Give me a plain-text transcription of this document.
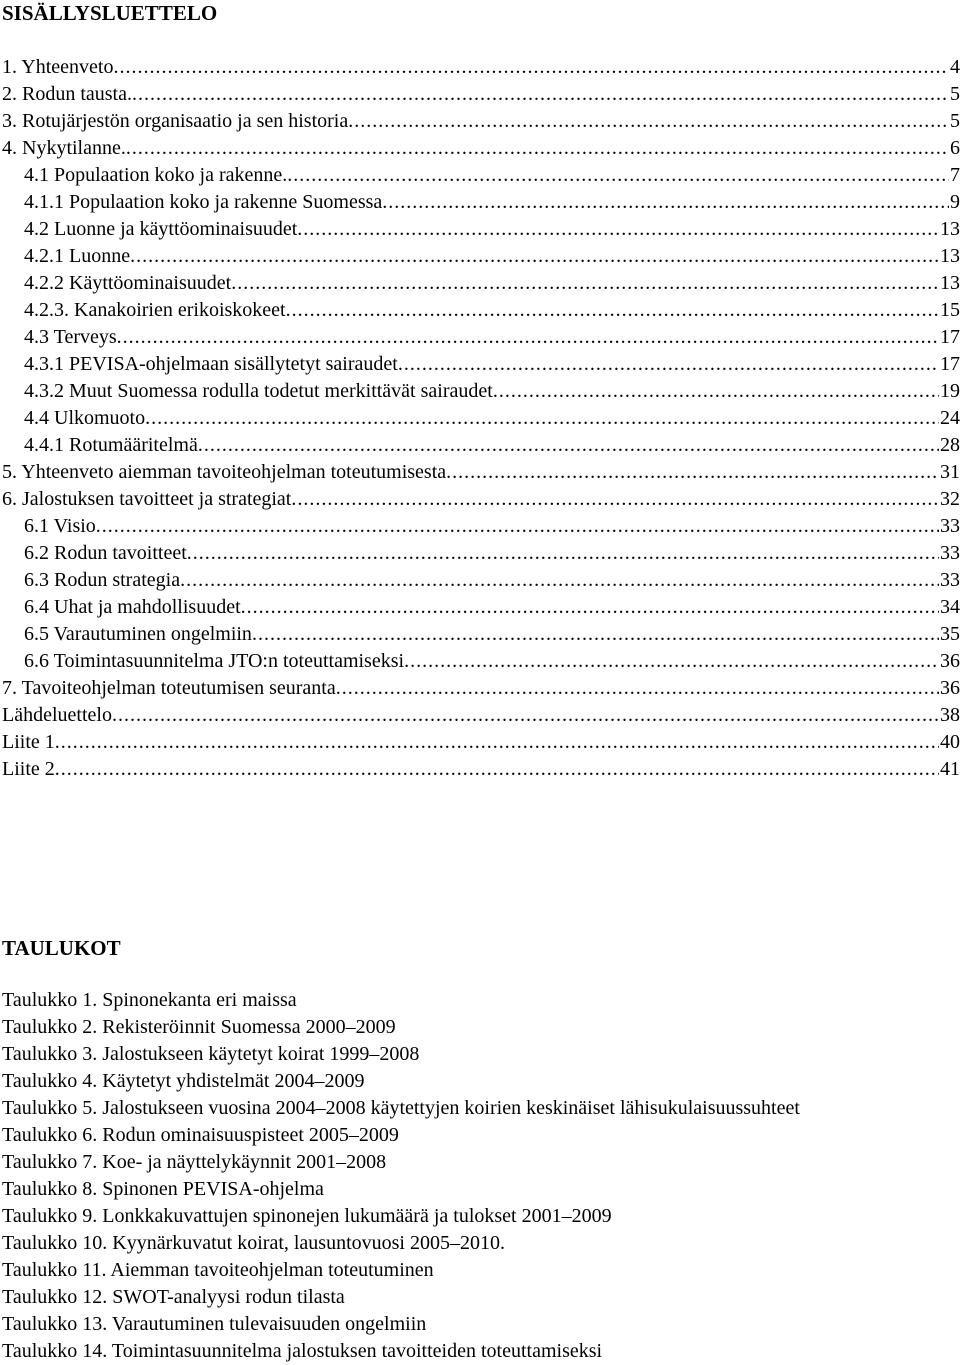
SISÄLLYSLUETTELO
1. Yhteenveto .....	4
2. Rodun tausta. .....	5
3. Rotujärjestön organisaatio ja sen historia .....	5
4. Nykytilanne. .....	6
4.1 Populaation koko ja rakenne. .....	7
4.1.1 Populaation koko ja rakenne Suomessa .....	9
4.2 Luonne ja käyttöominaisuudet .....	13
4.2.1 Luonne .....	13
4.2.2 Käyttöominaisuudet .....	13
4.2.3. Kanakoirien erikoiskokeet .....	15
4.3 Terveys .....	17
4.3.1 PEVISA-ohjelmaan sisällytetyt sairaudet .....	17
4.3.2 Muut Suomessa rodulla todetut merkittävät sairaudet .....	19
4.4 Ulkomuoto .....	24
4.4.1 Rotumääritelmä .....	28
5. Yhteenveto aiemman tavoiteohjelman toteutumisesta .....	31
6. Jalostuksen tavoitteet ja strategiat .....	32
6.1 Visio .....	33
6.2 Rodun tavoitteet .....	33
6.3 Rodun strategia .....	33
6.4 Uhat ja mahdollisuudet .....	34
6.5 Varautuminen ongelmiin .....	35
6.6 Toimintasuunnitelma JTO:n toteuttamiseksi .....	36
7. Tavoiteohjelman toteutumisen seuranta .....	36
Lähdeluettelo .....	38
Liite 1 .....	40
Liite 2 .....	41
TAULUKOT
Taulukko 1. Spinonekanta eri maissa
Taulukko 2. Rekisteröinnit Suomessa 2000–2009
Taulukko 3. Jalostukseen käytetyt koirat 1999–2008
Taulukko 4. Käytetyt yhdistelmät 2004–2009
Taulukko 5. Jalostukseen vuosina 2004–2008 käytettyjen koirien keskinäiset lähisukulaisuussuhteet
Taulukko 6. Rodun ominaisuuspisteet 2005–2009
Taulukko 7. Koe- ja näyttelykäynnit 2001–2008
Taulukko 8. Spinonen PEVISA-ohjelma
Taulukko 9. Lonkkakuvattujen spinonejen lukumäärä ja tulokset 2001–2009
Taulukko 10. Kyynärkuvatut koirat, lausuntovuosi 2005–2010.
Taulukko 11. Aiemman tavoiteohjelman toteutuminen
Taulukko 12. SWOT-analyysi rodun tilasta
Taulukko 13. Varautuminen tulevaisuuden ongelmiin
Taulukko 14. Toimintasuunnitelma jalostuksen tavoitteiden toteuttamiseksi
